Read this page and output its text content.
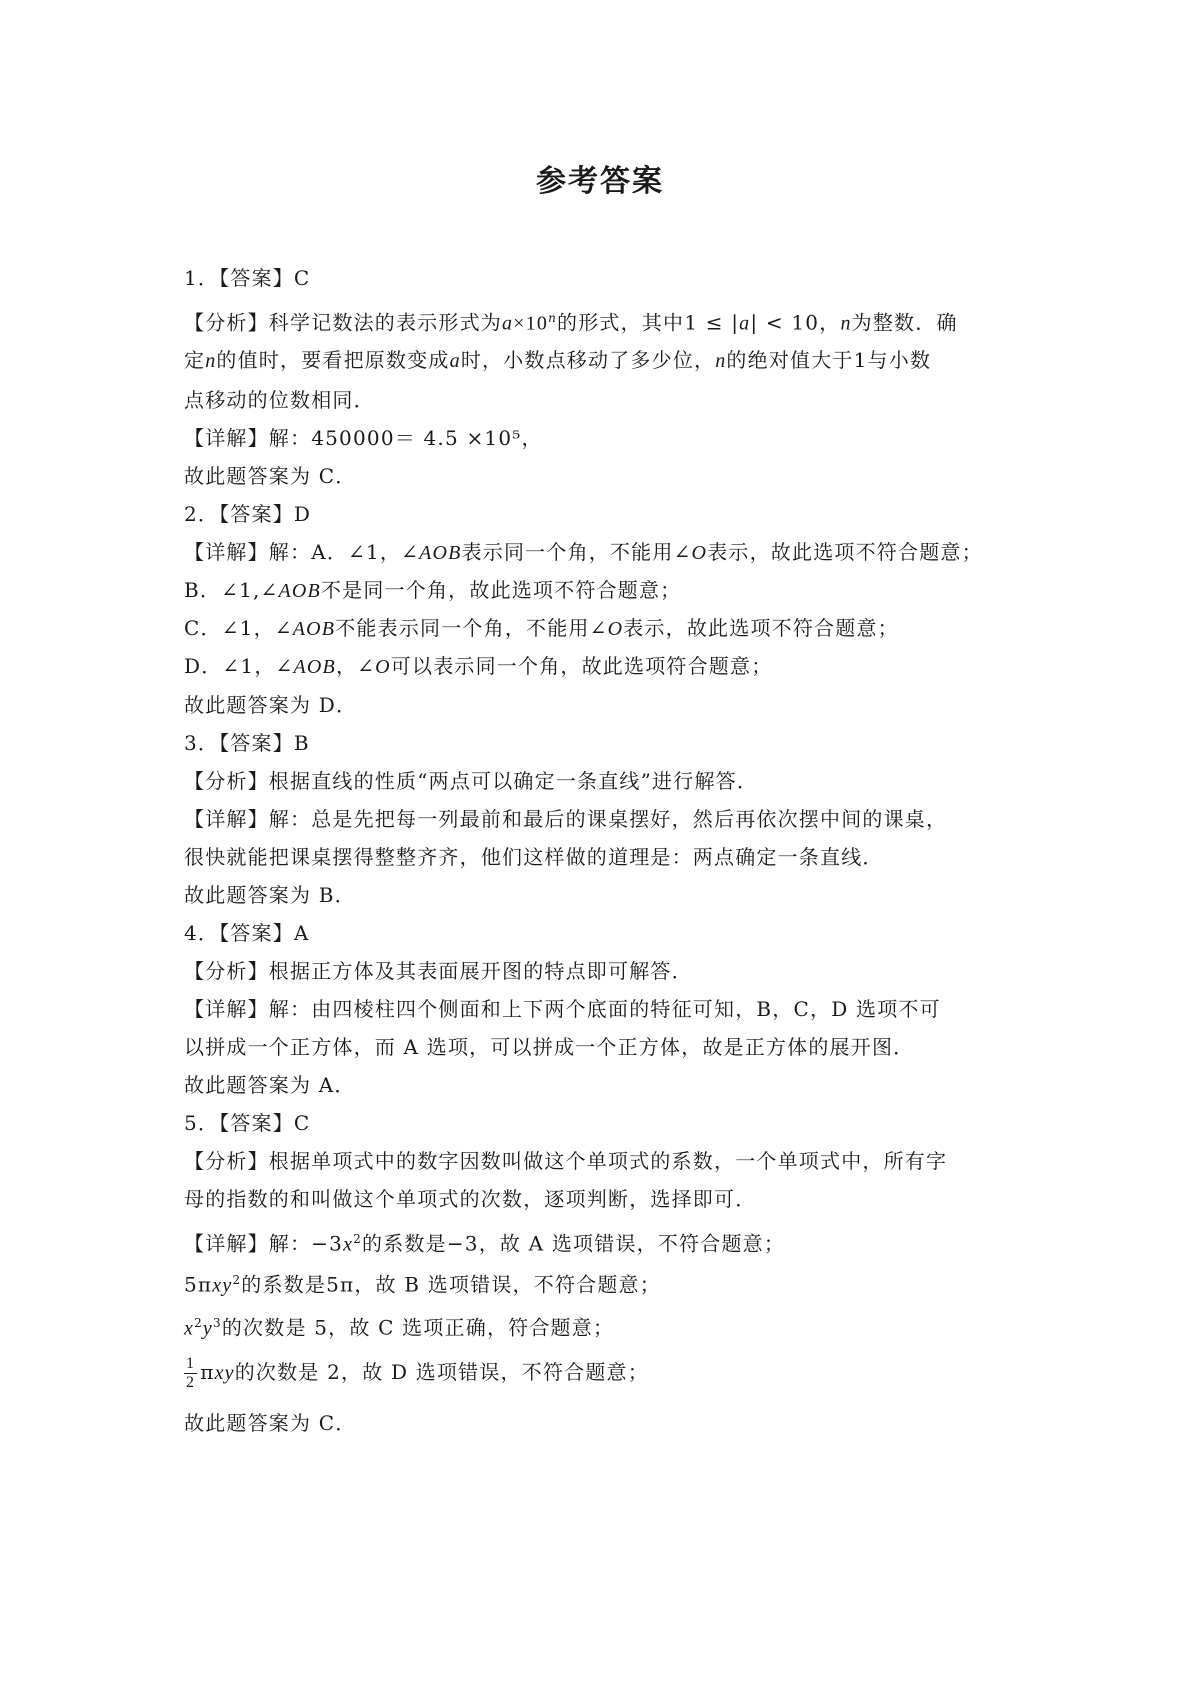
参考答案
1．【答案】C
【分析】科学记数法的表示形式为$a\times 10^n$的形式，其中1 ≤ |a| < 10，n为整数．确
定n的值时，要看把原数变成a时，小数点移动了多少位，n的绝对值大于1与小数
点移动的位数相同．
【详解】解：450000＝ 4.5 ×10⁵，
故此题答案为 C．
2．【答案】D
【详解】解：A．∠1，∠AOB表示同一个角，不能用∠O表示，故此选项不符合题意；
B．∠1,∠AOB不是同一个角，故此选项不符合题意；
C．∠1，∠AOB不能表示同一个角，不能用∠O表示，故此选项不符合题意；
D．∠1，∠AOB，∠O可以表示同一个角，故此选项符合题意；
故此题答案为 D．
3．【答案】B
【分析】根据直线的性质“两点可以确定一条直线”进行解答．
【详解】解：总是先把每一列最前和最后的课桌摆好，然后再依次摆中间的课桌，
很快就能把课桌摆得整整齐齐，他们这样做的道理是：两点确定一条直线．
故此题答案为 B．
4．【答案】A
【分析】根据正方体及其表面展开图的特点即可解答．
【详解】解：由四棱柱四个侧面和上下两个底面的特征可知，B，C，D 选项不可
以拼成一个正方体，而 A 选项，可以拼成一个正方体，故是正方体的展开图．
故此题答案为 A．
5．【答案】C
【分析】根据单项式中的数字因数叫做这个单项式的系数，一个单项式中，所有字
母的指数的和叫做这个单项式的次数，逐项判断，选择即可．
【详解】解：$-3x^2$的系数是−3，故 A 选项错误，不符合题意；
5πxy$^2$的系数是5π，故 B 选项错误，不符合题意；
$x^2y^3$的次数是 5，故 C 选项正确，符合题意；
$\frac{1}{2}$ πxy的次数是 2，故 D 选项错误，不符合题意；
故此题答案为 C．
